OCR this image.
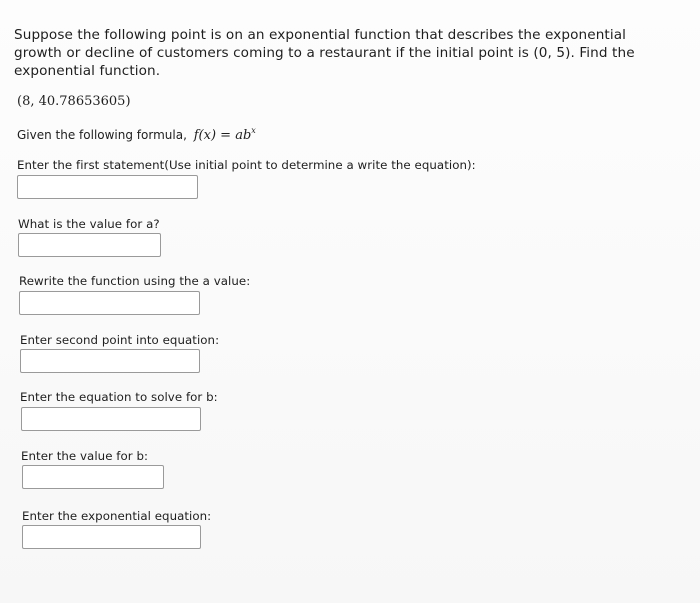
Suppose the following point is on an exponential function that describes the exponential growth or decline of customers coming to a restaurant if the initial point is (0, 5). Find the exponential function.
(8, 40.78653605)
Given the following formula, $f(x) = ab^x$
Enter the first statement(Use initial point to determine a write the equation):
What is the value for a?
Rewrite the function using the a value:
Enter second point into equation:
Enter the equation to solve for b:
Enter the value for b:
Enter the exponential equation:
